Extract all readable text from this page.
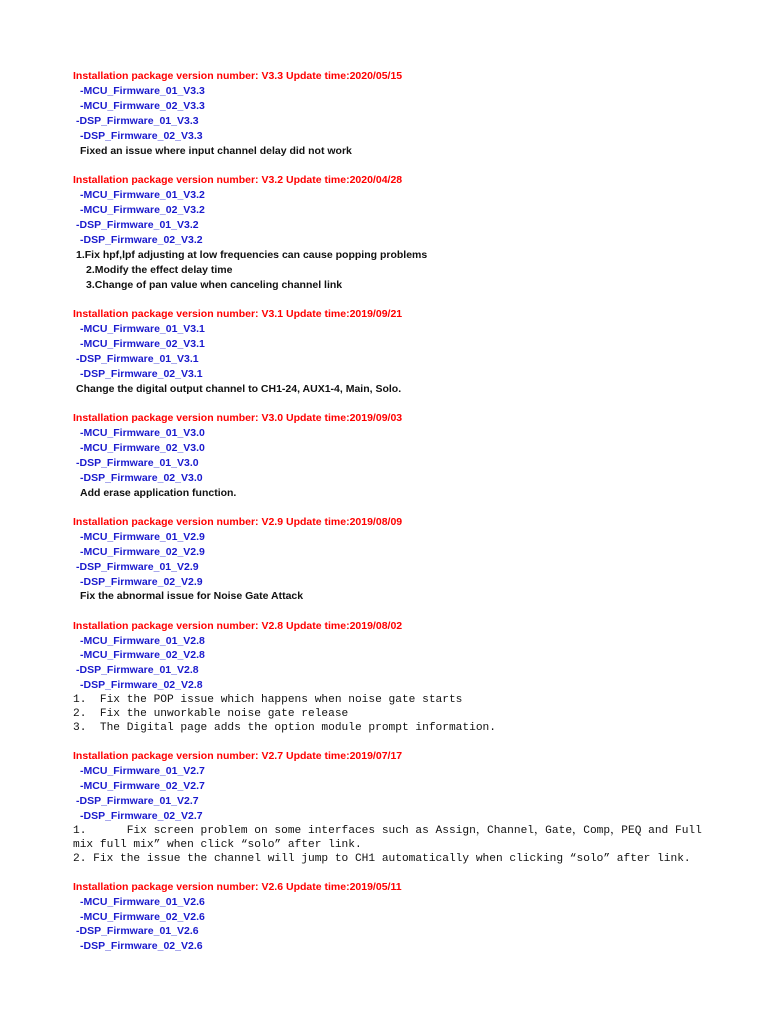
Installation package version number: V3.3 Update time:2020/05/15
-MCU_Firmware_01_V3.3
-MCU_Firmware_02_V3.3
-DSP_Firmware_01_V3.3
-DSP_Firmware_02_V3.3
Fixed an issue where input channel delay did not work
Installation package version number: V3.2 Update time:2020/04/28
-MCU_Firmware_01_V3.2
-MCU_Firmware_02_V3.2
-DSP_Firmware_01_V3.2
-DSP_Firmware_02_V3.2
1.Fix hpf,lpf adjusting at low frequencies can cause popping problems
2.Modify the effect delay time
3.Change of pan value when canceling channel link
Installation package version number: V3.1 Update time:2019/09/21
-MCU_Firmware_01_V3.1
-MCU_Firmware_02_V3.1
-DSP_Firmware_01_V3.1
-DSP_Firmware_02_V3.1
Change the digital output channel to CH1-24, AUX1-4, Main, Solo.
Installation package version number: V3.0 Update time:2019/09/03
-MCU_Firmware_01_V3.0
-MCU_Firmware_02_V3.0
-DSP_Firmware_01_V3.0
-DSP_Firmware_02_V3.0
Add erase application function.
Installation package version number: V2.9 Update time:2019/08/09
-MCU_Firmware_01_V2.9
-MCU_Firmware_02_V2.9
-DSP_Firmware_01_V2.9
-DSP_Firmware_02_V2.9
Fix the abnormal issue for Noise Gate Attack
Installation package version number: V2.8 Update time:2019/08/02
-MCU_Firmware_01_V2.8
-MCU_Firmware_02_V2.8
-DSP_Firmware_01_V2.8
-DSP_Firmware_02_V2.8
1.  Fix the POP issue which happens when noise gate starts
2.  Fix the unworkable noise gate release
3.  The Digital page adds the option module prompt information.
Installation package version number: V2.7 Update time:2019/07/17
-MCU_Firmware_01_V2.7
-MCU_Firmware_02_V2.7
-DSP_Firmware_01_V2.7
-DSP_Firmware_02_V2.7
1.      Fix screen problem on some interfaces such as Assign，Channel，Gate，Comp，PEQ and Full
mix full mix” when click “solo” after link.
2. Fix the issue the channel will jump to CH1 automatically when clicking “solo” after link.
Installation package version number: V2.6 Update time:2019/05/11
-MCU_Firmware_01_V2.6
-MCU_Firmware_02_V2.6
-DSP_Firmware_01_V2.6
-DSP_Firmware_02_V2.6
